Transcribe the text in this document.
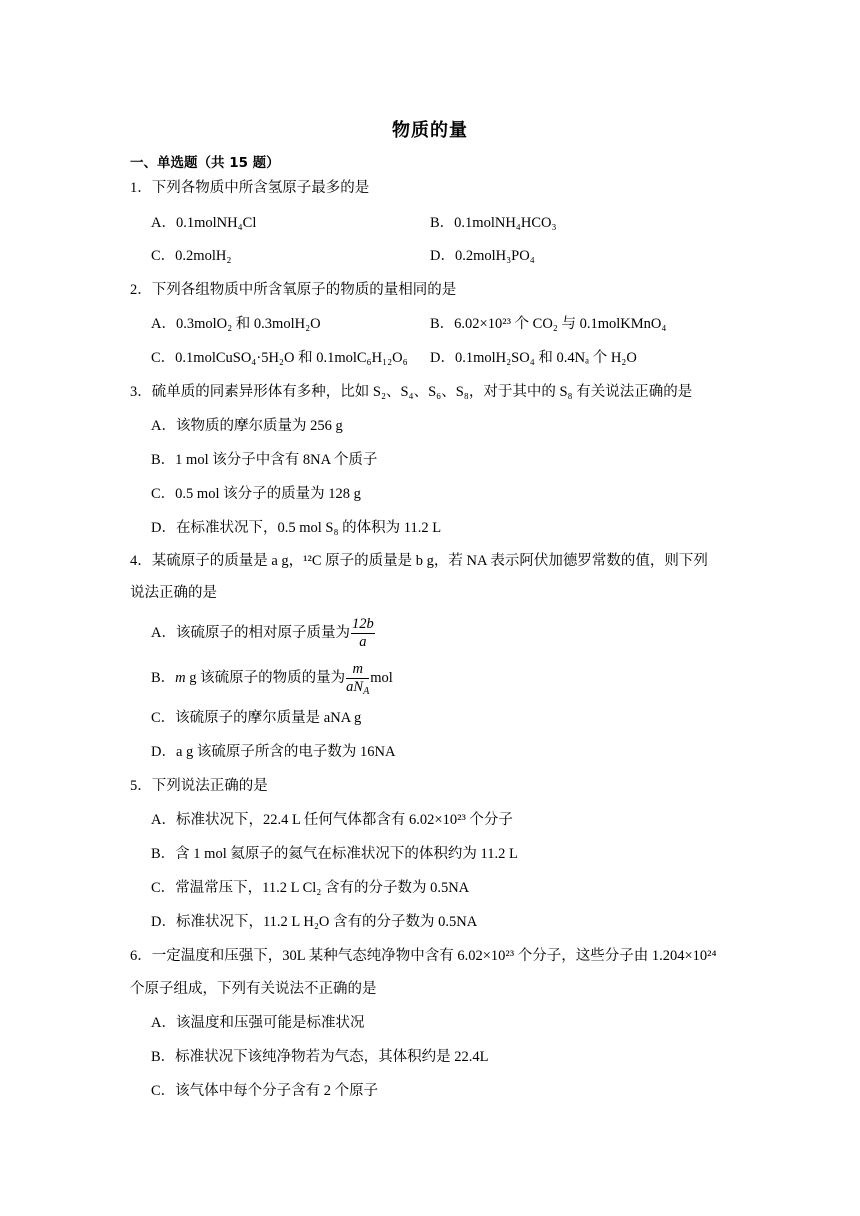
物质的量
一、单选题（共 15 题）
1．下列各物质中所含氢原子最多的是
A．0.1molNH₄Cl	B．0.1molNH₄HCO₃
C．0.2molH₂	D．0.2molH₃PO₄
2．下列各组物质中所含氧原子的物质的量相同的是
A．0.3molO₂ 和 0.3molH₂O	B．6.02×10²³ 个 CO₂ 与 0.1molKMnO₄
C．0.1molCuSO₄·5H₂O 和 0.1molC₆H₁₂O₆ D．0.1molH₂SO₄ 和 0.4Nₐ 个 H₂O
3．硫单质的同素异形体有多种，比如 S₂、S₄、S₆、S₈，对于其中的 S₈ 有关说法正确的是
A．该物质的摩尔质量为 256 g
B．1 mol 该分子中含有 8NA 个质子
C．0.5 mol 该分子的质量为 128 g
D．在标准状况下，0.5 mol S₈ 的体积为 11.2 L
4．某硫原子的质量是 a g，¹²C 原子的质量是 b g，若 NA 表示阿伏加德罗常数的值，则下列
说法正确的是
A．该硫原子的相对原子质量为 $\frac{12b}{a}$
B．m g 该硫原子的物质的量为 $\frac{m}{aN_A}$ mol
C．该硫原子的摩尔质量是 aNA g
D．a g 该硫原子所含的电子数为 16NA
5．下列说法正确的是
A．标准状况下，22.4 L 任何气体都含有 6.02×10²³ 个分子
B．含 1 mol 氦原子的氦气在标准状况下的体积约为 11.2 L
C．常温常压下，11.2 L Cl₂ 含有的分子数为 0.5NA
D．标准状况下，11.2 L H₂O 含有的分子数为 0.5NA
6．一定温度和压强下，30L 某种气态纯净物中含有 6.02×10²³ 个分子，这些分子由 1.204×10²⁴
个原子组成，下列有关说法不正确的是
A．该温度和压强可能是标准状况
B．标准状况下该纯净物若为气态，其体积约是 22.4L
C．该气体中每个分子含有 2 个原子
